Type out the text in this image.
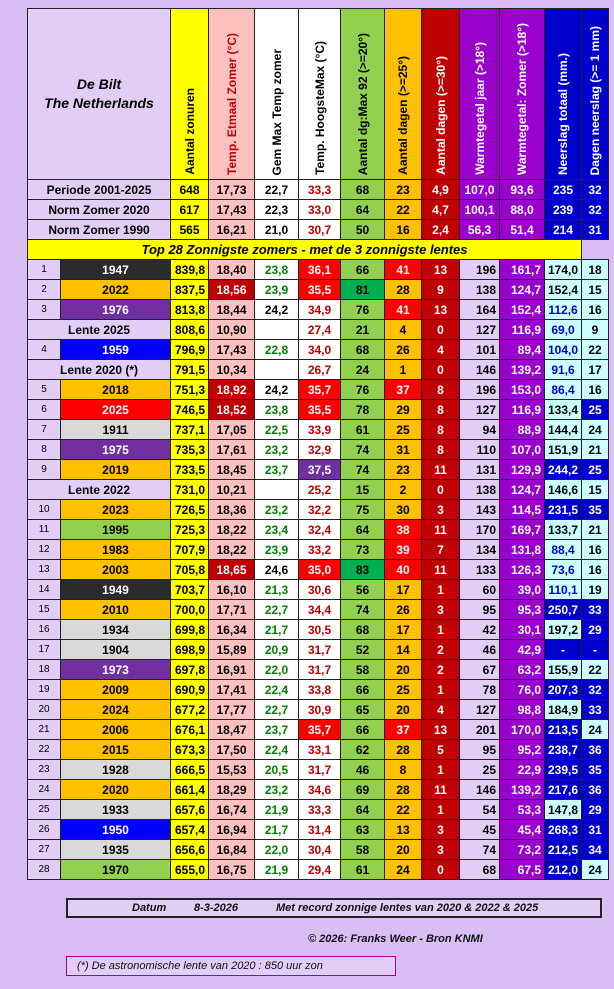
De Bilt
The Netherlands		Aantal zonuren	Temp. Etmaal Zomer (°C)	Gem Max Temp zomer	Temp. HoogsteMax (°C)	Aantal dg:Max 92 (>=20°)	Aantal dagen (>=25°)	Aantal dagen (>=30°)	Warmtegetal jaar (>18°)	Warmtegetal: Zomer (>18°)	Neerslag totaal (mm.)	Dagen neerslag (>= 1 mm)
Periode 2001-2025		648	17,73	22,7	33,3	68	23	4,9	107,0	93,6	235	32
Norm Zomer 2020		617	17,43	22,3	33,0	64	22	4,7	100,1	88,0	239	32
Norm Zomer 1990		565	16,21	21,0	30,7	50	16	2,4	56,3	51,4	214	31
Top 28 Zonnigste zomers - met de 3 zonnigste lentes												
1	1947	839,8	18,40	23,8	36,1	66	41	13	196	161,7	174,0	18
2	2022	837,5	18,56	23,9	35,5	81	28	9	138	124,7	152,4	15
3	1976	813,8	18,44	24,2	34,9	76	41	13	164	152,4	112,6	16
Lente 2025		808,6	10,90		27,4	21	4	0	127	116,9	69,0	9
4	1959	796,9	17,43	22,8	34,0	68	26	4	101	89,4	104,0	22
Lente 2020 (*)		791,5	10,34		26,7	24	1	0	146	139,2	91,6	17
5	2018	751,3	18,92	24,2	35,7	76	37	8	196	153,0	86,4	16
6	2025	746,5	18,52	23,8	35,5	78	29	8	127	116,9	133,4	25
7	1911	737,1	17,05	22,5	33,9	61	25	8	94	88,9	144,4	24
8	1975	735,3	17,61	23,2	32,9	74	31	8	110	107,0	151,9	21
9	2019	733,5	18,45	23,7	37,5	74	23	11	131	129,9	244,2	25
Lente 2022		731,0	10,21		25,2	15	2	0	138	124,7	146,6	15
10	2023	726,5	18,36	23,2	32,2	75	30	3	143	114,5	231,5	35
11	1995	725,3	18,22	23,4	32,4	64	38	11	170	169,7	133,7	21
12	1983	707,9	18,22	23,9	33,2	73	39	7	134	131,8	88,4	16
13	2003	705,8	18,65	24,6	35,0	83	40	11	133	126,3	73,6	16
14	1949	703,7	16,10	21,3	30,6	56	17	1	60	39,0	110,1	19
15	2010	700,0	17,71	22,7	34,4	74	26	3	95	95,3	250,7	33
16	1934	699,8	16,34	21,7	30,5	68	17	1	42	30,1	197,2	29
17	1904	698,9	15,89	20,9	31,7	52	14	2	46	42,9	-	-
18	1973	697,8	16,91	22,0	31,7	58	20	2	67	63,2	155,9	22
19	2009	690,9	17,41	22,4	33,8	66	25	1	78	76,0	207,3	32
20	2024	677,2	17,77	22,7	30,9	65	20	4	127	98,8	184,9	33
21	2006	676,1	18,47	23,7	35,7	66	37	13	201	170,0	213,5	24
22	2015	673,3	17,50	22,4	33,1	62	28	5	95	95,2	238,7	36
23	1928	666,5	15,53	20,5	31,7	46	8	1	25	22,9	239,5	35
24	2020	661,4	18,29	23,2	34,6	69	28	11	146	139,2	217,6	36
25	1933	657,6	16,74	21,9	33,3	64	22	1	54	53,3	147,8	29
26	1950	657,4	16,94	21,7	31,4	63	13	3	45	45,4	268,3	31
27	1935	656,6	16,84	22,0	30,4	58	20	3	74	73,2	212,5	34
28	1970	655,0	16,75	21,9	29,4	61	24	0	68	67,5	212,0	24
Datum	8-3-2026	Met record zonnige lentes van 2020 & 2022 & 2025
© 2026: Franks Weer - Bron KNMI
(*) De astronomische lente van 2020 : 850 uur zon
